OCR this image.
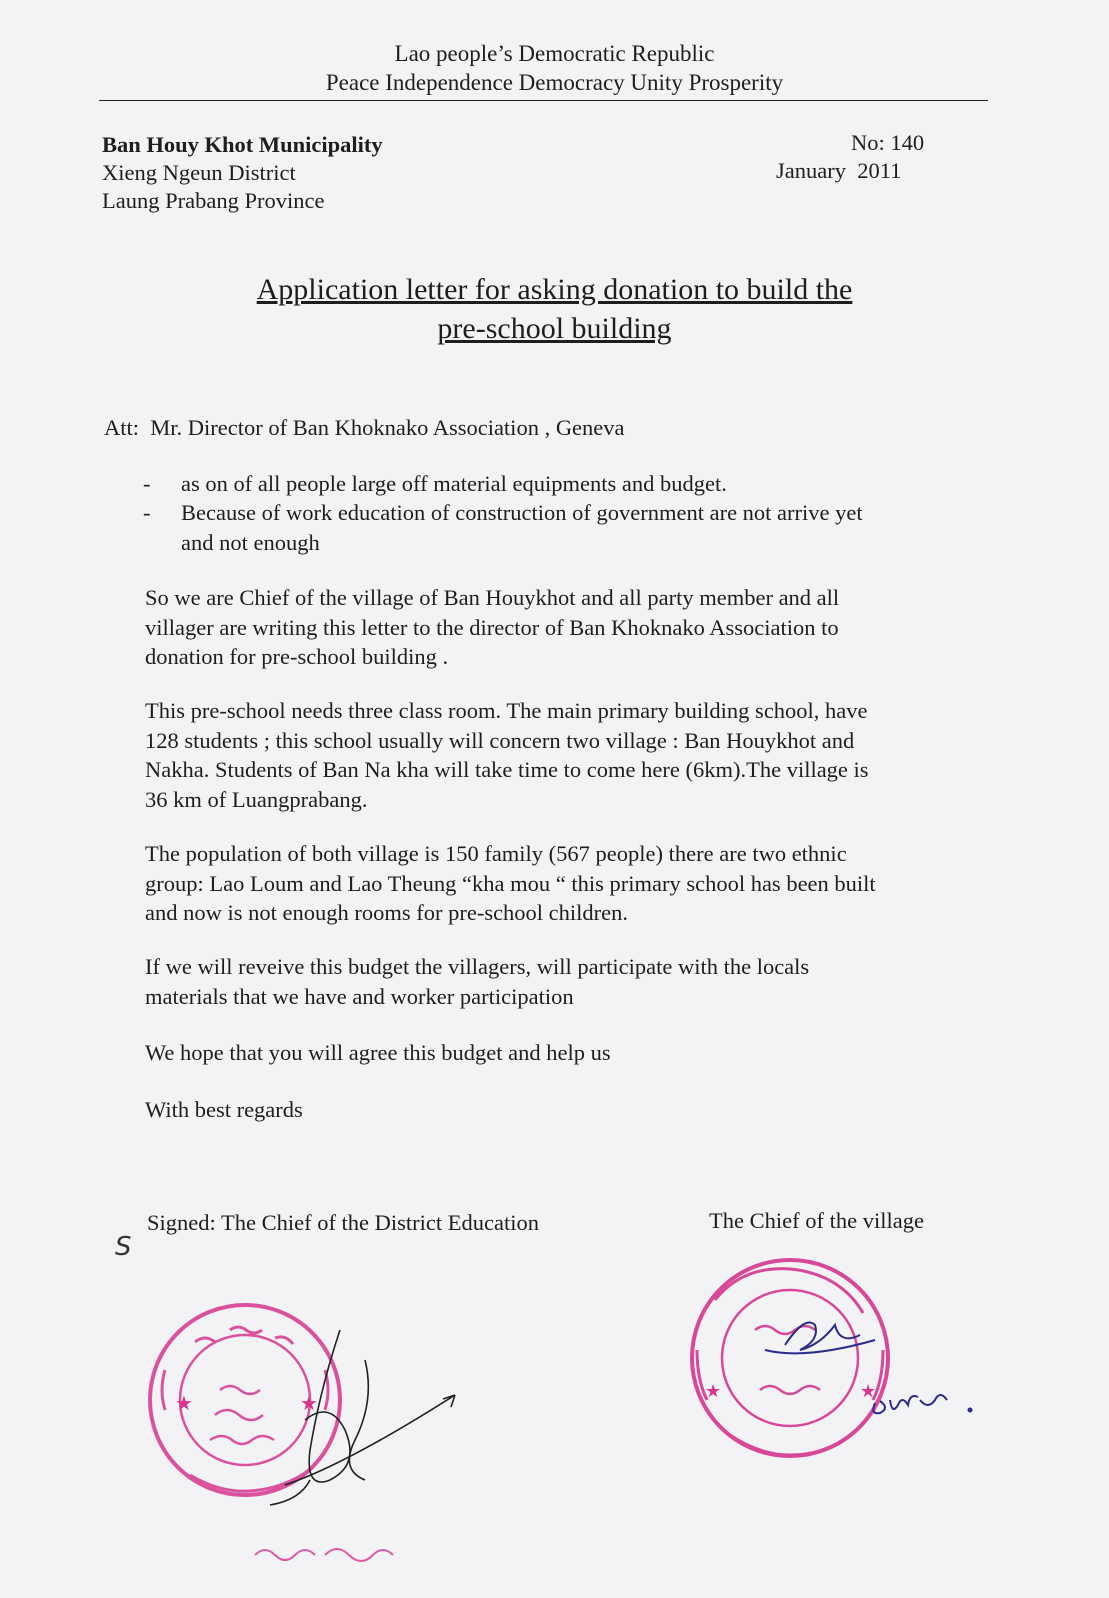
Lao people’s Democratic Republic
Peace Independence Democracy Unity Prosperity
Ban Houy Khot Municipality
Xieng Ngeun District
Laung Prabang Province
No: 140
January  2011
Application letter for asking donation to build the
pre-school building
Att:  Mr. Director of Ban Khoknako Association , Geneva
- as on of all people large off material equipments and budget.
- Because of work education of construction of government are not arrive yet
and not enough
So we are Chief of the village of Ban Houykhot and all party member and all
villager are writing this letter to the director of Ban Khoknako Association to
donation for pre-school building .
This pre-school needs three class room. The main primary building school, have
128 students ; this school usually will concern two village : Ban Houykhot and
Nakha. Students of Ban Na kha will take time to come here (6km).The village is
36 km of Luangprabang.
The population of both village is 150 family (567 people) there are two ethnic
group: Lao Loum and Lao Theung “kha mou “ this primary school has been built
and now is not enough rooms for pre-school children.
If we will reveive this budget the villagers, will participate with the locals
materials that we have and worker participation
We hope that you will agree this budget and help us
With best regards
Signed: The Chief of the District Education	The Chief of the village
S
★	★	★	★
